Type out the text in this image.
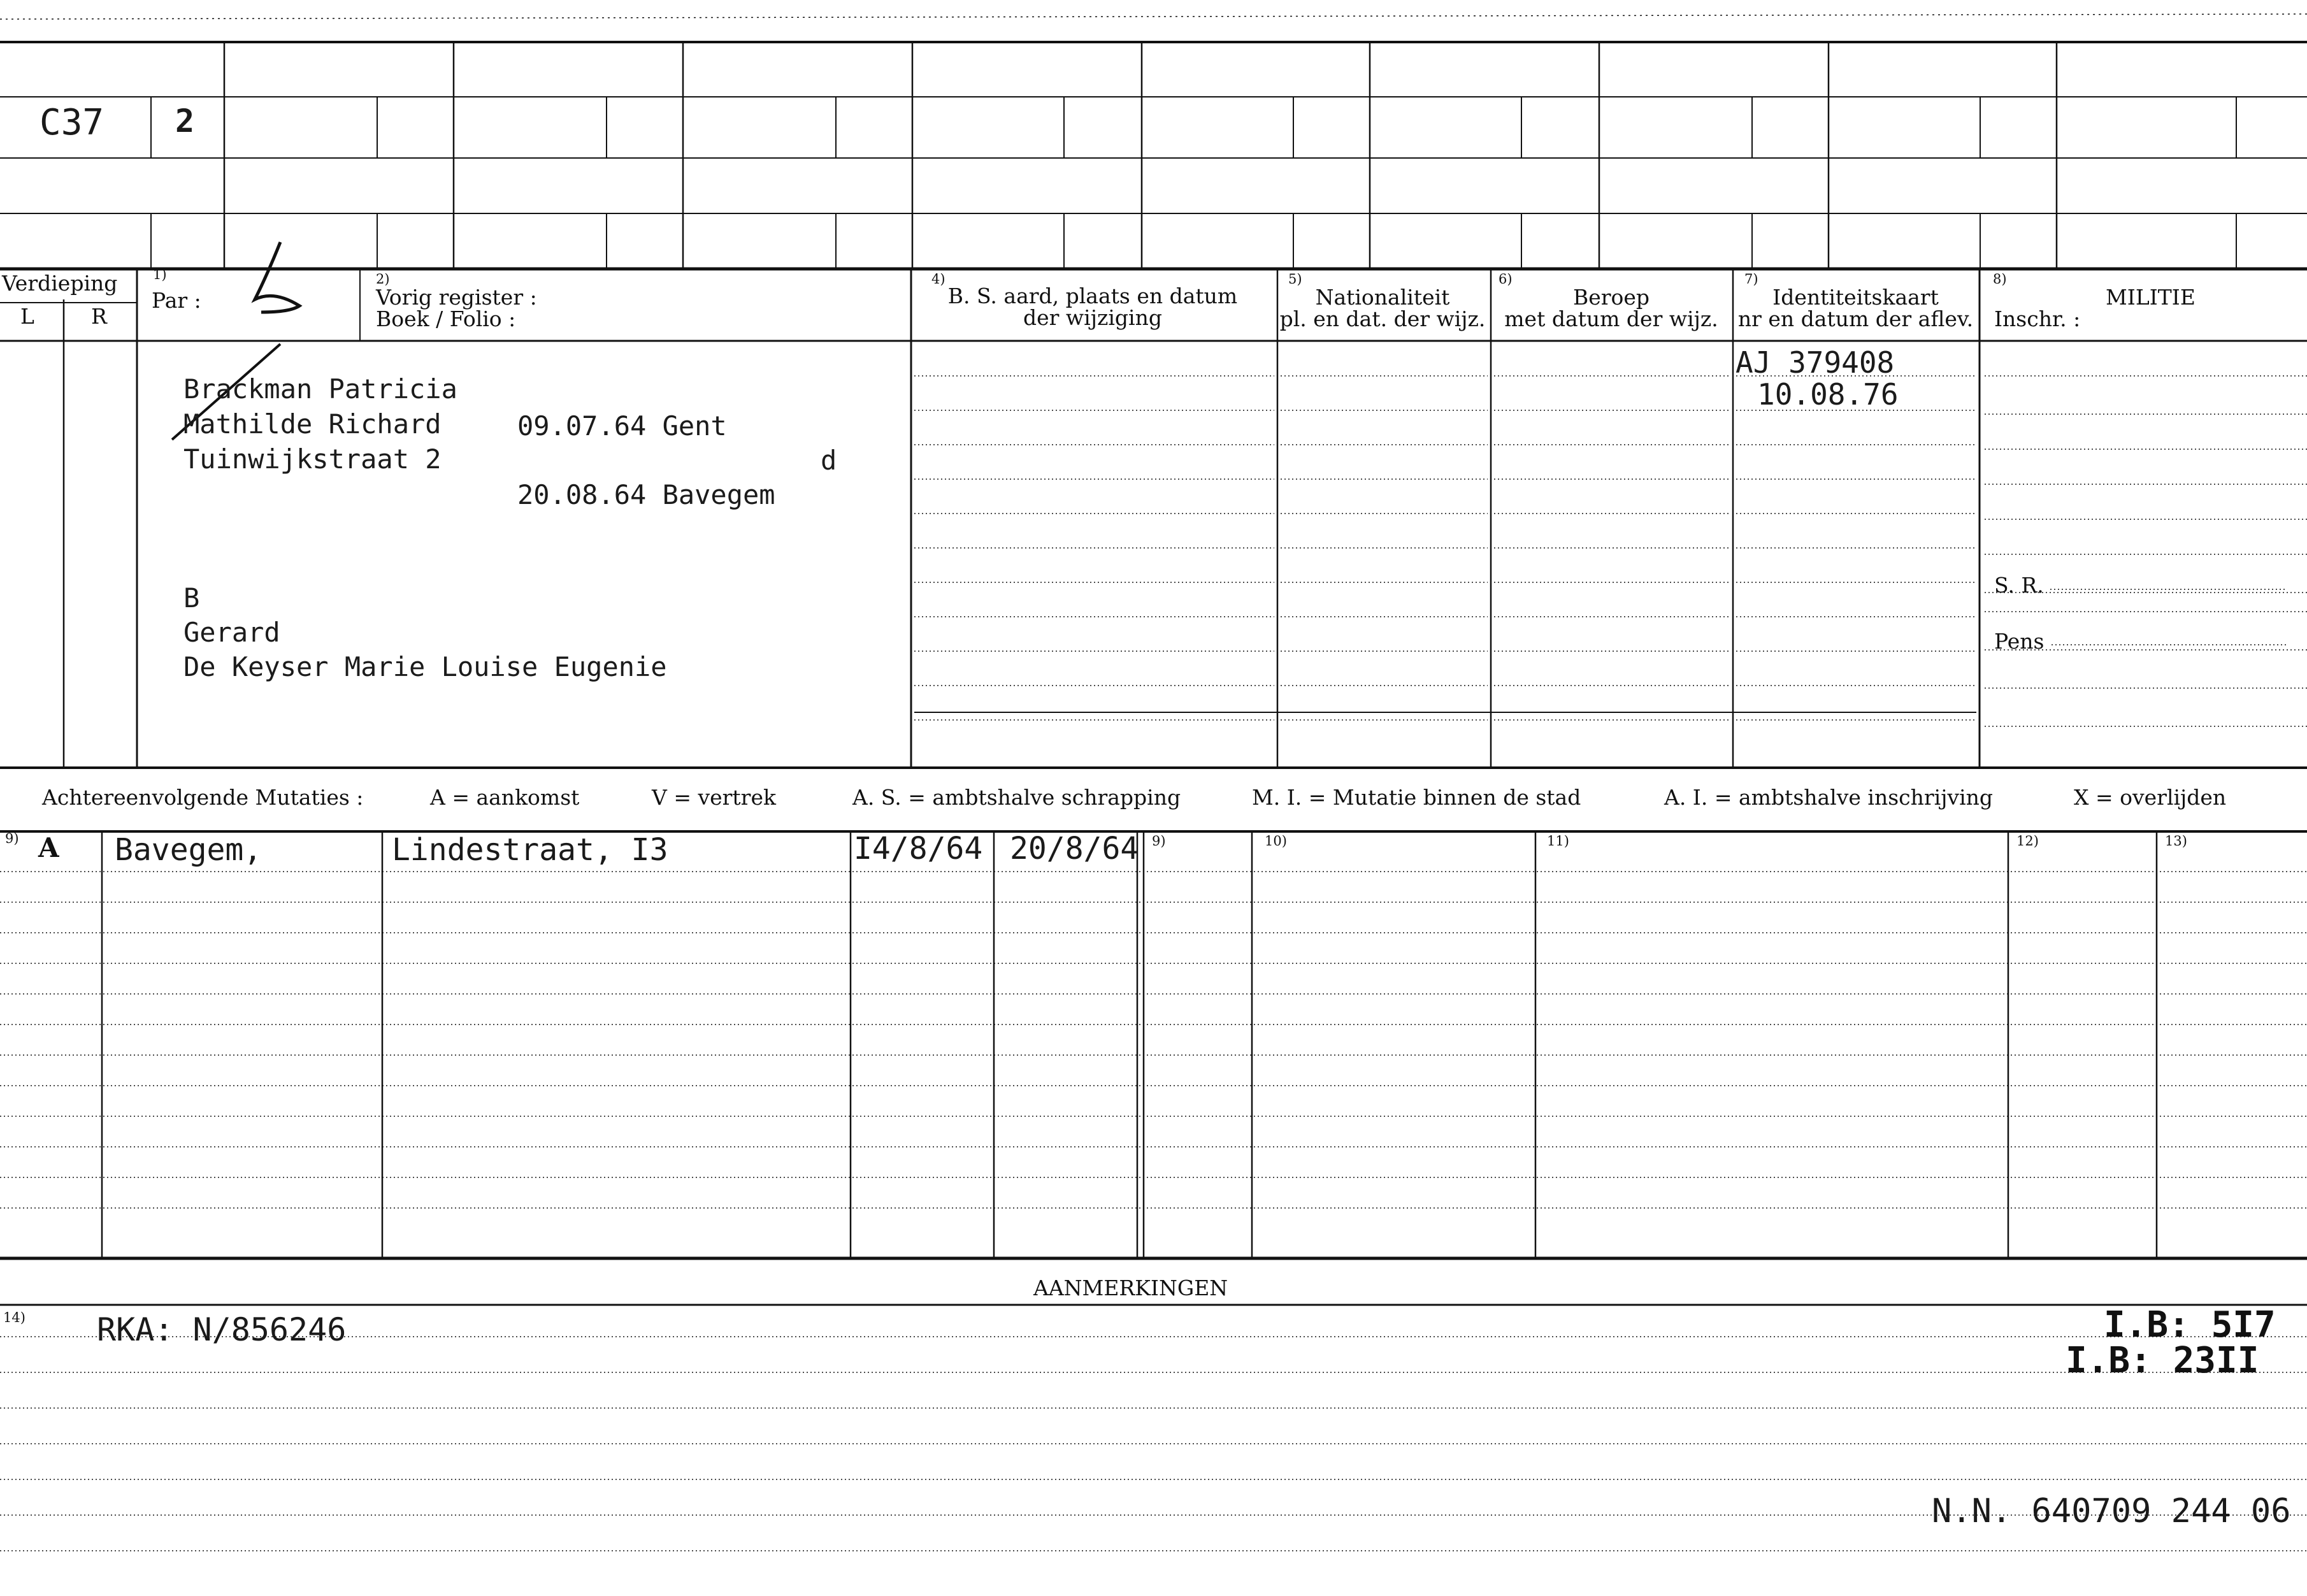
C37 2
Verdieping
L	R
1)
Par :
2)
Vorig register :
Boek / Folio :
4)
B. S. aard, plaats en datum
der wijziging
5)
Nationaliteit
pl. en dat. der wijz.
6)
Beroep
met datum der wijz.
7)
Identiteitskaart
nr en datum der aflev.
8)
MILITIE
Inschr. :
S. R.
Pens
Brackman Patricia
Mathilde Richard
Tuinwijkstraat 2
09.07.64 Gent
d
20.08.64 Bavegem
B
Gerard
De Keyser Marie Louise Eugenie
AJ 379408
10.08.76
Achtereenvolgende Mutaties :	A = aankomst	V = vertrek	A. S. = ambtshalve schrapping	M. I. = Mutatie binnen de stad	A. I. = ambtshalve inschrijving	X = overlijden
9)	9)	10)	11)	12)	13)
A Bavegem,	Lindestraat, I3	I4/8/64 20/8/64
AANMERKINGEN
14) RKA: N/856246	I.B: 5I7
I.B: 23II
N.N. 640709 244 06
